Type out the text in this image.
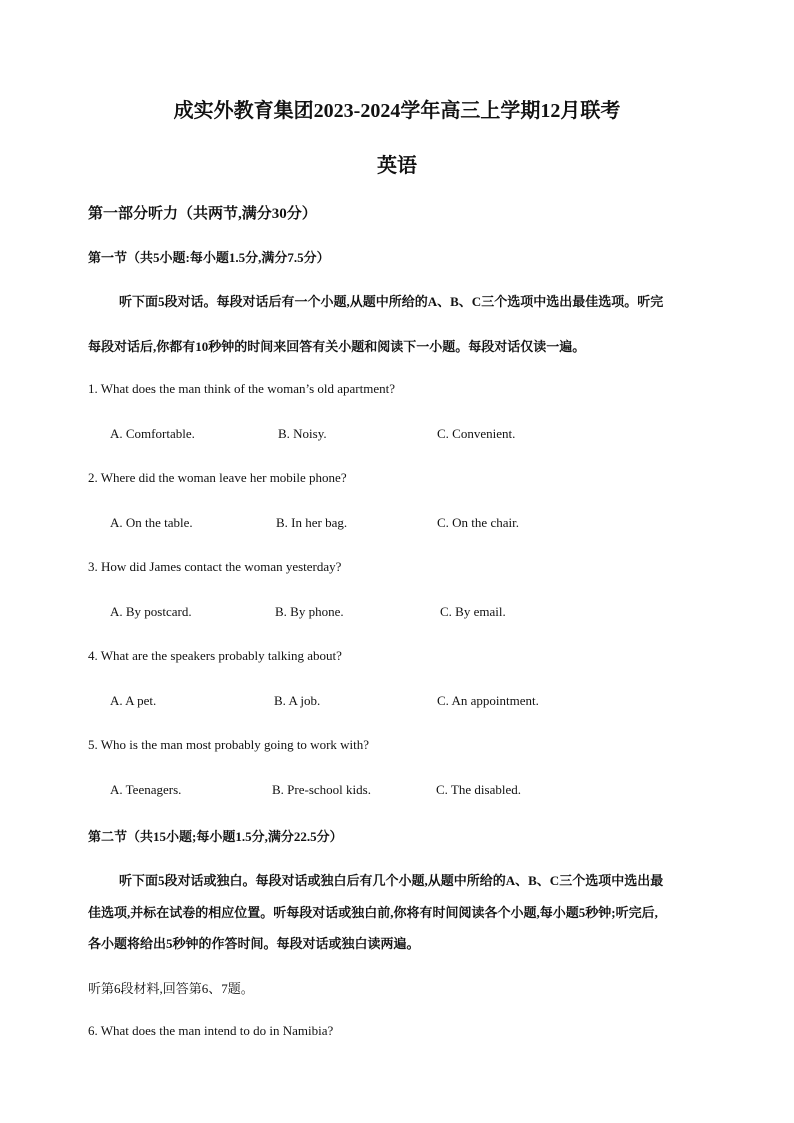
成实外教育集团2023-2024学年高三上学期12月联考
英语
第一部分听力（共两节,满分30分）
第一节（共5小题:每小题1.5分,满分7.5分）
听下面5段对话。每段对话后有一个小题,从题中所给的A、B、C三个选项中选出最佳选项。听完
每段对话后,你都有10秒钟的时间来回答有关小题和阅读下一小题。每段对话仅读一遍。
1. What does the man think of the woman’s old apartment?
A. Comfortable.	B. Noisy.	C. Convenient.
2. Where did the woman leave her mobile phone?
A. On the table.	B. In her bag.	C. On the chair.
3. How did James contact the woman yesterday?
A. By postcard.	B. By phone.	C. By email.
4. What are the speakers probably talking about?
A. A pet.	B. A job.	C. An appointment.
5. Who is the man most probably going to work with?
A. Teenagers.	B. Pre-school kids.	C. The disabled.
第二节（共15小题;每小题1.5分,满分22.5分）
听下面5段对话或独白。每段对话或独白后有几个小题,从题中所给的A、B、C三个选项中选出最
佳选项,并标在试卷的相应位置。听每段对话或独白前,你将有时间阅读各个小题,每小题5秒钟;听完后,
各小题将给出5秒钟的作答时间。每段对话或独白读两遍。
听第6段材料,回答第6、7题。
6. What does the man intend to do in Namibia?
